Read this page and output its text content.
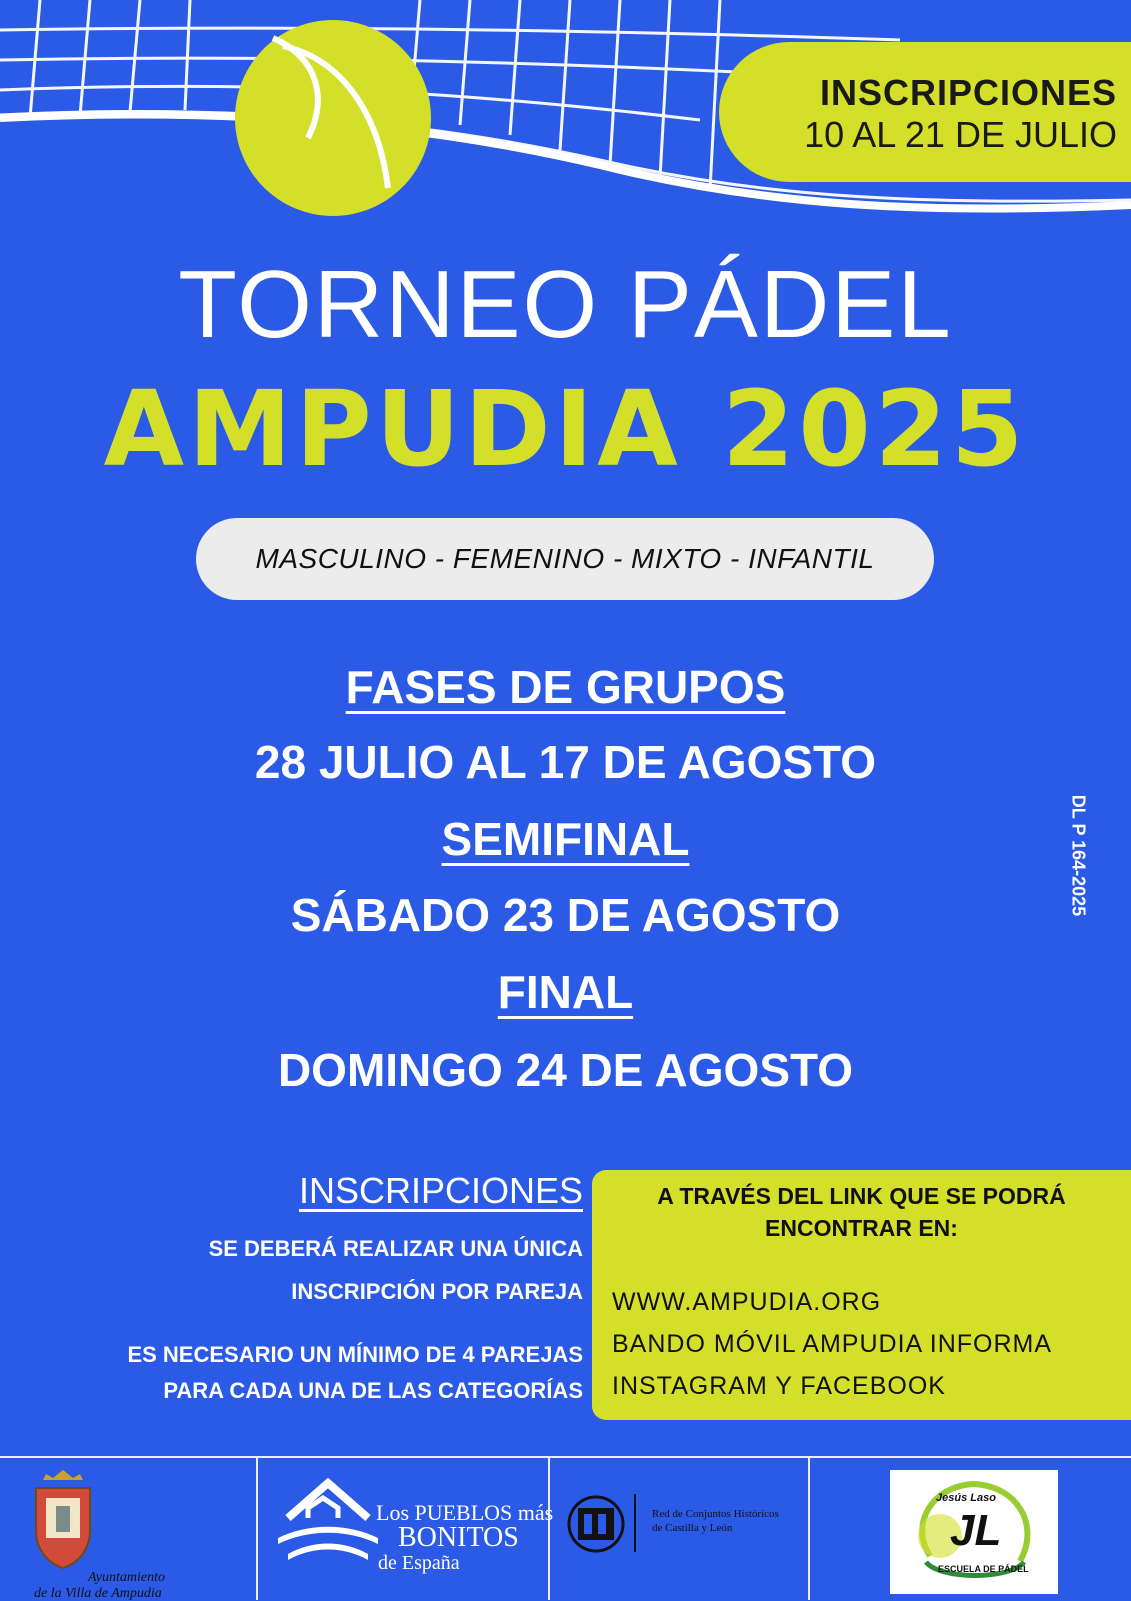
INSCRIPCIONES
10 AL 21 DE JULIO
TORNEO PÁDEL
AMPUDIA 2025
MASCULINO - FEMENINO - MIXTO - INFANTIL
FASES DE GRUPOS
28 JULIO AL 17 DE AGOSTO
SEMIFINAL
SÁBADO 23 DE AGOSTO
FINAL
DOMINGO 24 DE AGOSTO
DL P 164-2025
INSCRIPCIONES
SE DEBERÁ REALIZAR UNA ÚNICA
INSCRIPCIÓN POR PAREJA
ES NECESARIO UN MÍNIMO DE 4 PAREJAS
PARA CADA UNA DE LAS CATEGORÍAS
A TRAVÉS DEL LINK QUE SE PODRÁ
ENCONTRAR EN:
WWW.AMPUDIA.ORG
BANDO MÓVIL AMPUDIA INFORMA
INSTAGRAM Y FACEBOOK
Ayuntamiento
de la Villa de Ampudia
Los PUEBLOS más
BONITOS
de España
Red de Conjuntos Históricos
de Castilla y León
Jesús Laso
JL
ESCUELA DE PÁDEL
